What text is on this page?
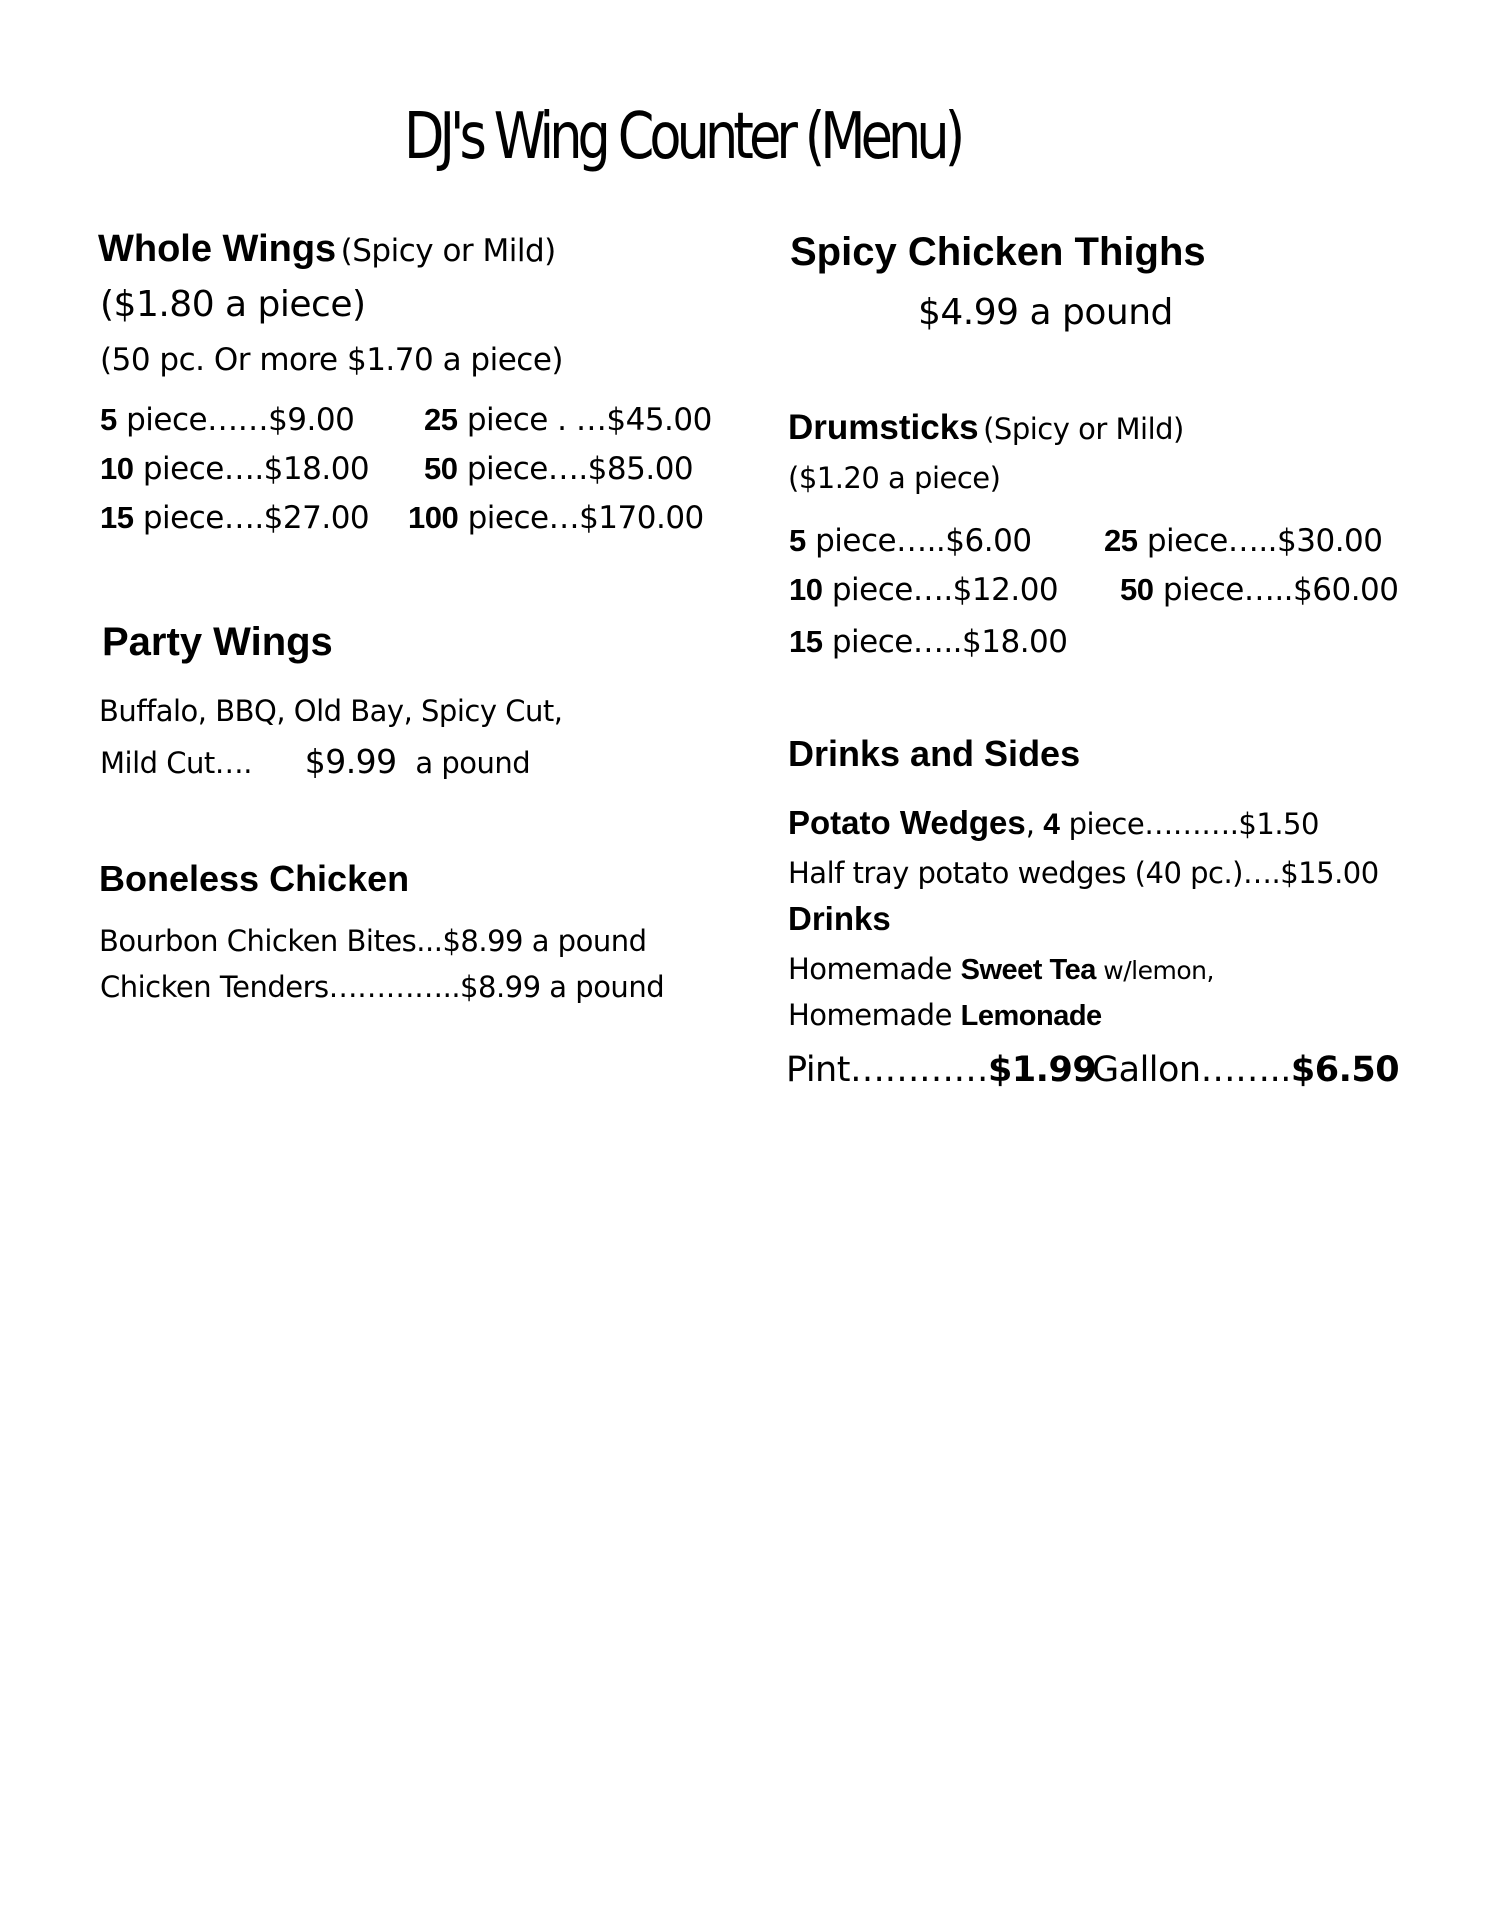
DJ's Wing Counter (Menu)
Whole Wings (Spicy or Mild)
($1.80 a piece)
(50 pc. Or more $1.70 a piece)
5 piece……$9.00 25 piece . …$45.00
10 piece….$18.00 50 piece….$85.00
15 piece….$27.00 100 piece…$170.00
Party Wings
Buffalo, BBQ, Old Bay, Spicy Cut,
Mild Cut…. $9.99 a pound
Boneless Chicken
Bourbon Chicken Bites...$8.99 a pound
Chicken Tenders…………..$8.99 a pound
Spicy Chicken Thighs
$4.99 a pound
Drumsticks (Spicy or Mild)
($1.20 a piece)
5 piece…..$6.00 25 piece…..$30.00
10 piece….$12.00 50 piece…..$60.00
15 piece…..$18.00
Drinks and Sides
Potato Wedges, 4 piece……….$1.50
Half tray potato wedges (40 pc.)….$15.00
Drinks
Homemade Sweet Tea w/lemon,
Homemade Lemonade
Pint…………$1.99
Gallon……..$6.50
